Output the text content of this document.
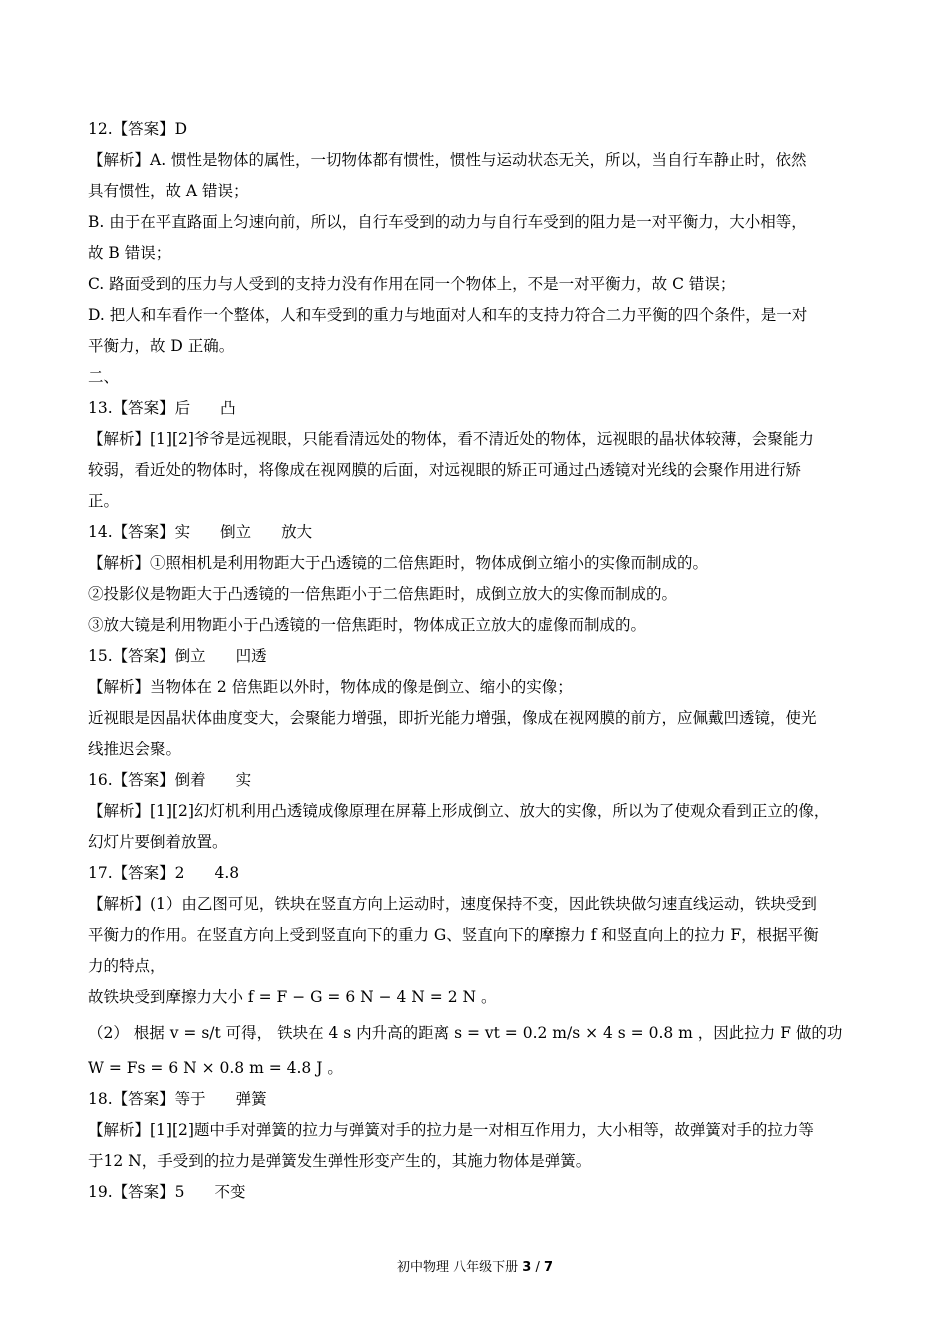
12.【答案】D
【解析】A. 惯性是物体的属性，一切物体都有惯性，惯性与运动状态无关，所以，当自行车静止时，依然
具有惯性，故 A 错误；
B. 由于在平直路面上匀速向前，所以，自行车受到的动力与自行车受到的阻力是一对平衡力，大小相等，
故 B 错误；
C. 路面受到的压力与人受到的支持力没有作用在同一个物体上，不是一对平衡力，故 C 错误；
D. 把人和车看作一个整体，人和车受到的重力与地面对人和车的支持力符合二力平衡的四个条件，是一对
平衡力，故 D 正确。
二、
13.【答案】后 凸
【解析】[1][2]爷爷是远视眼，只能看清远处的物体，看不清近处的物体，远视眼的晶状体较薄，会聚能力
较弱，看近处的物体时，将像成在视网膜的后面，对远视眼的矫正可通过凸透镜对光线的会聚作用进行矫
正。
14.【答案】实 倒立 放大
【解析】①照相机是利用物距大于凸透镜的二倍焦距时，物体成倒立缩小的实像而制成的。
②投影仪是物距大于凸透镜的一倍焦距小于二倍焦距时，成倒立放大的实像而制成的。
③放大镜是利用物距小于凸透镜的一倍焦距时，物体成正立放大的虚像而制成的。
15.【答案】倒立 凹透
【解析】当物体在 2 倍焦距以外时，物体成的像是倒立、缩小的实像；
近视眼是因晶状体曲度变大，会聚能力增强，即折光能力增强，像成在视网膜的前方，应佩戴凹透镜，使光
线推迟会聚。
16.【答案】倒着 实
【解析】[1][2]幻灯机利用凸透镜成像原理在屏幕上形成倒立、放大的实像，所以为了使观众看到正立的像，
幻灯片要倒着放置。
17.【答案】2 4.8
【解析】(1）由乙图可见，铁块在竖直方向上运动时，速度保持不变，因此铁块做匀速直线运动，铁块受到
平衡力的作用。在竖直方向上受到竖直向下的重力 G、竖直向下的摩擦力 f 和竖直向上的拉力 F，根据平衡
力的特点，
故铁块受到摩擦力大小 f = F − G = 6 N − 4 N = 2 N 。
（2） 根据 v = s/t 可得， 铁块在 4 s 内升高的距离 s = vt = 0.2 m/s × 4 s = 0.8 m ，因此拉力 F 做的功
W = Fs = 6 N × 0.8 m = 4.8 J 。
18.【答案】等于 弹簧
【解析】[1][2]题中手对弹簧的拉力与弹簧对手的拉力是一对相互作用力，大小相等，故弹簧对手的拉力等
于12 N，手受到的拉力是弹簧发生弹性形变产生的，其施力物体是弹簧。
19.【答案】5 不变
初中物理 八年级下册 3 / 7
